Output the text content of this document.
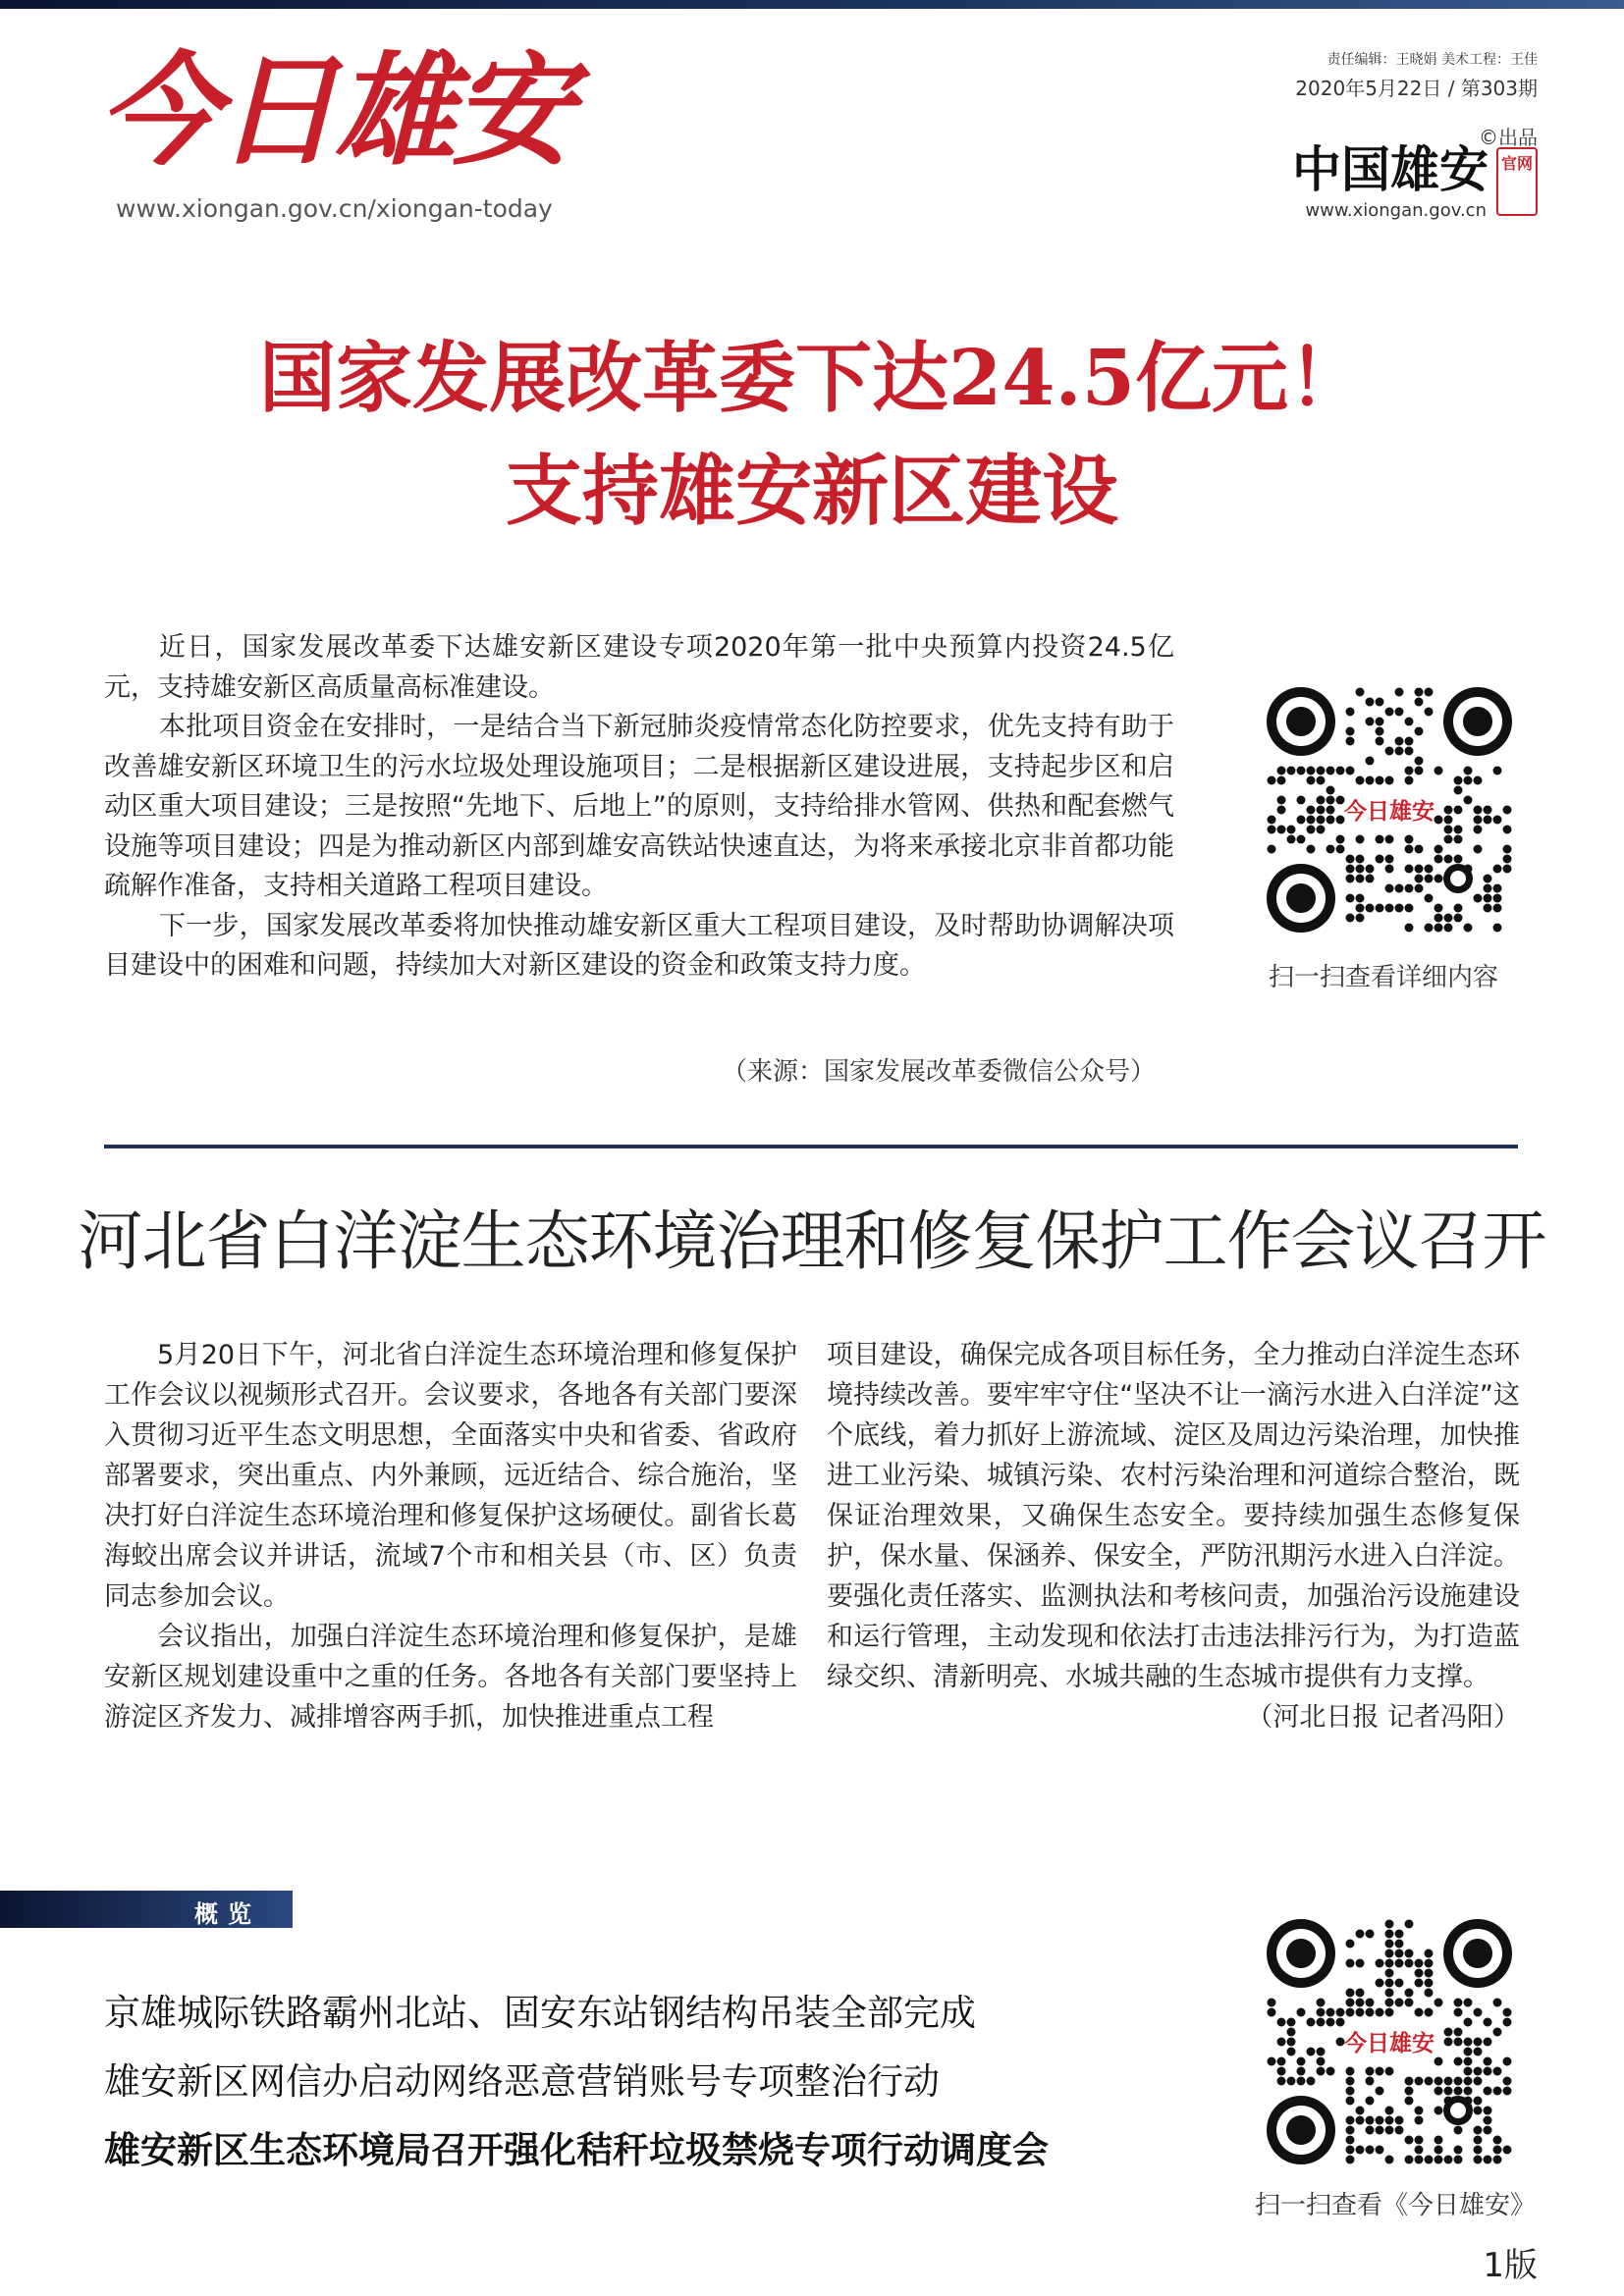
今日雄安
www.xiongan.gov.cn/xiongan-today
责任编辑：王晓娟 美术工程：王佳
2020年5月22日 / 第303期
©出品
中国雄安 官网
www.xiongan.gov.cn
国家发展改革委下达24.5亿元！
支持雄安新区建设

近日，国家发展改革委下达雄安新区建设专项2020年第一批中央预算内投资24.5亿元，支持雄安新区高质量高标准建设。

本批项目资金在安排时，一是结合当下新冠肺炎疫情常态化防控要求，优先支持有助于改善雄安新区环境卫生的污水垃圾处理设施项目；二是根据新区建设进展，支持起步区和启动区重大项目建设；三是按照“先地下、后地上”的原则，支持给排水管网、供热和配套燃气设施等项目建设；四是为推动新区内部到雄安高铁站快速直达，为将来承接北京非首都功能疏解作准备，支持相关道路工程项目建设。

下一步，国家发展改革委将加快推动雄安新区重大工程项目建设，及时帮助协调解决项目建设中的困难和问题，持续加大对新区建设的资金和政策支持力度。

（来源：国家发展改革委微信公众号）
今日雄安
扫一扫查看详细内容
河北省白洋淀生态环境治理和修复保护工作会议召开

5月20日下午，河北省白洋淀生态环境治理和修复保护工作会议以视频形式召开。会议要求，各地各有关部门要深入贯彻习近平生态文明思想，全面落实中央和省委、省政府部署要求，突出重点、内外兼顾，远近结合、综合施治，坚决打好白洋淀生态环境治理和修复保护这场硬仗。副省长葛海蛟出席会议并讲话，流域7个市和相关县（市、区）负责同志参加会议。

会议指出，加强白洋淀生态环境治理和修复保护，是雄安新区规划建设重中之重的任务。各地各有关部门要坚持上游淀区齐发力、减排增容两手抓，加快推进重点工程

项目建设，确保完成各项目标任务，全力推动白洋淀生态环境持续改善。要牢牢守住“坚决不让一滴污水进入白洋淀”这个底线，着力抓好上游流域、淀区及周边污染治理，加快推进工业污染、城镇污染、农村污染治理和河道综合整治，既保证治理效果，又确保生态安全。要持续加强生态修复保护，保水量、保涵养、保安全，严防汛期污水进入白洋淀。要强化责任落实、监测执法和考核问责，加强治污设施建设和运行管理，主动发现和依法打击违法排污行为，为打造蓝绿交织、清新明亮、水城共融的生态城市提供有力支撑。

（河北日报 记者冯阳）

概览
京雄城际铁路霸州北站、固安东站钢结构吊装全部完成
雄安新区网信办启动网络恶意营销账号专项整治行动
雄安新区生态环境局召开强化秸秆垃圾禁烧专项行动调度会
今日雄安
扫一扫查看《今日雄安》
1版
